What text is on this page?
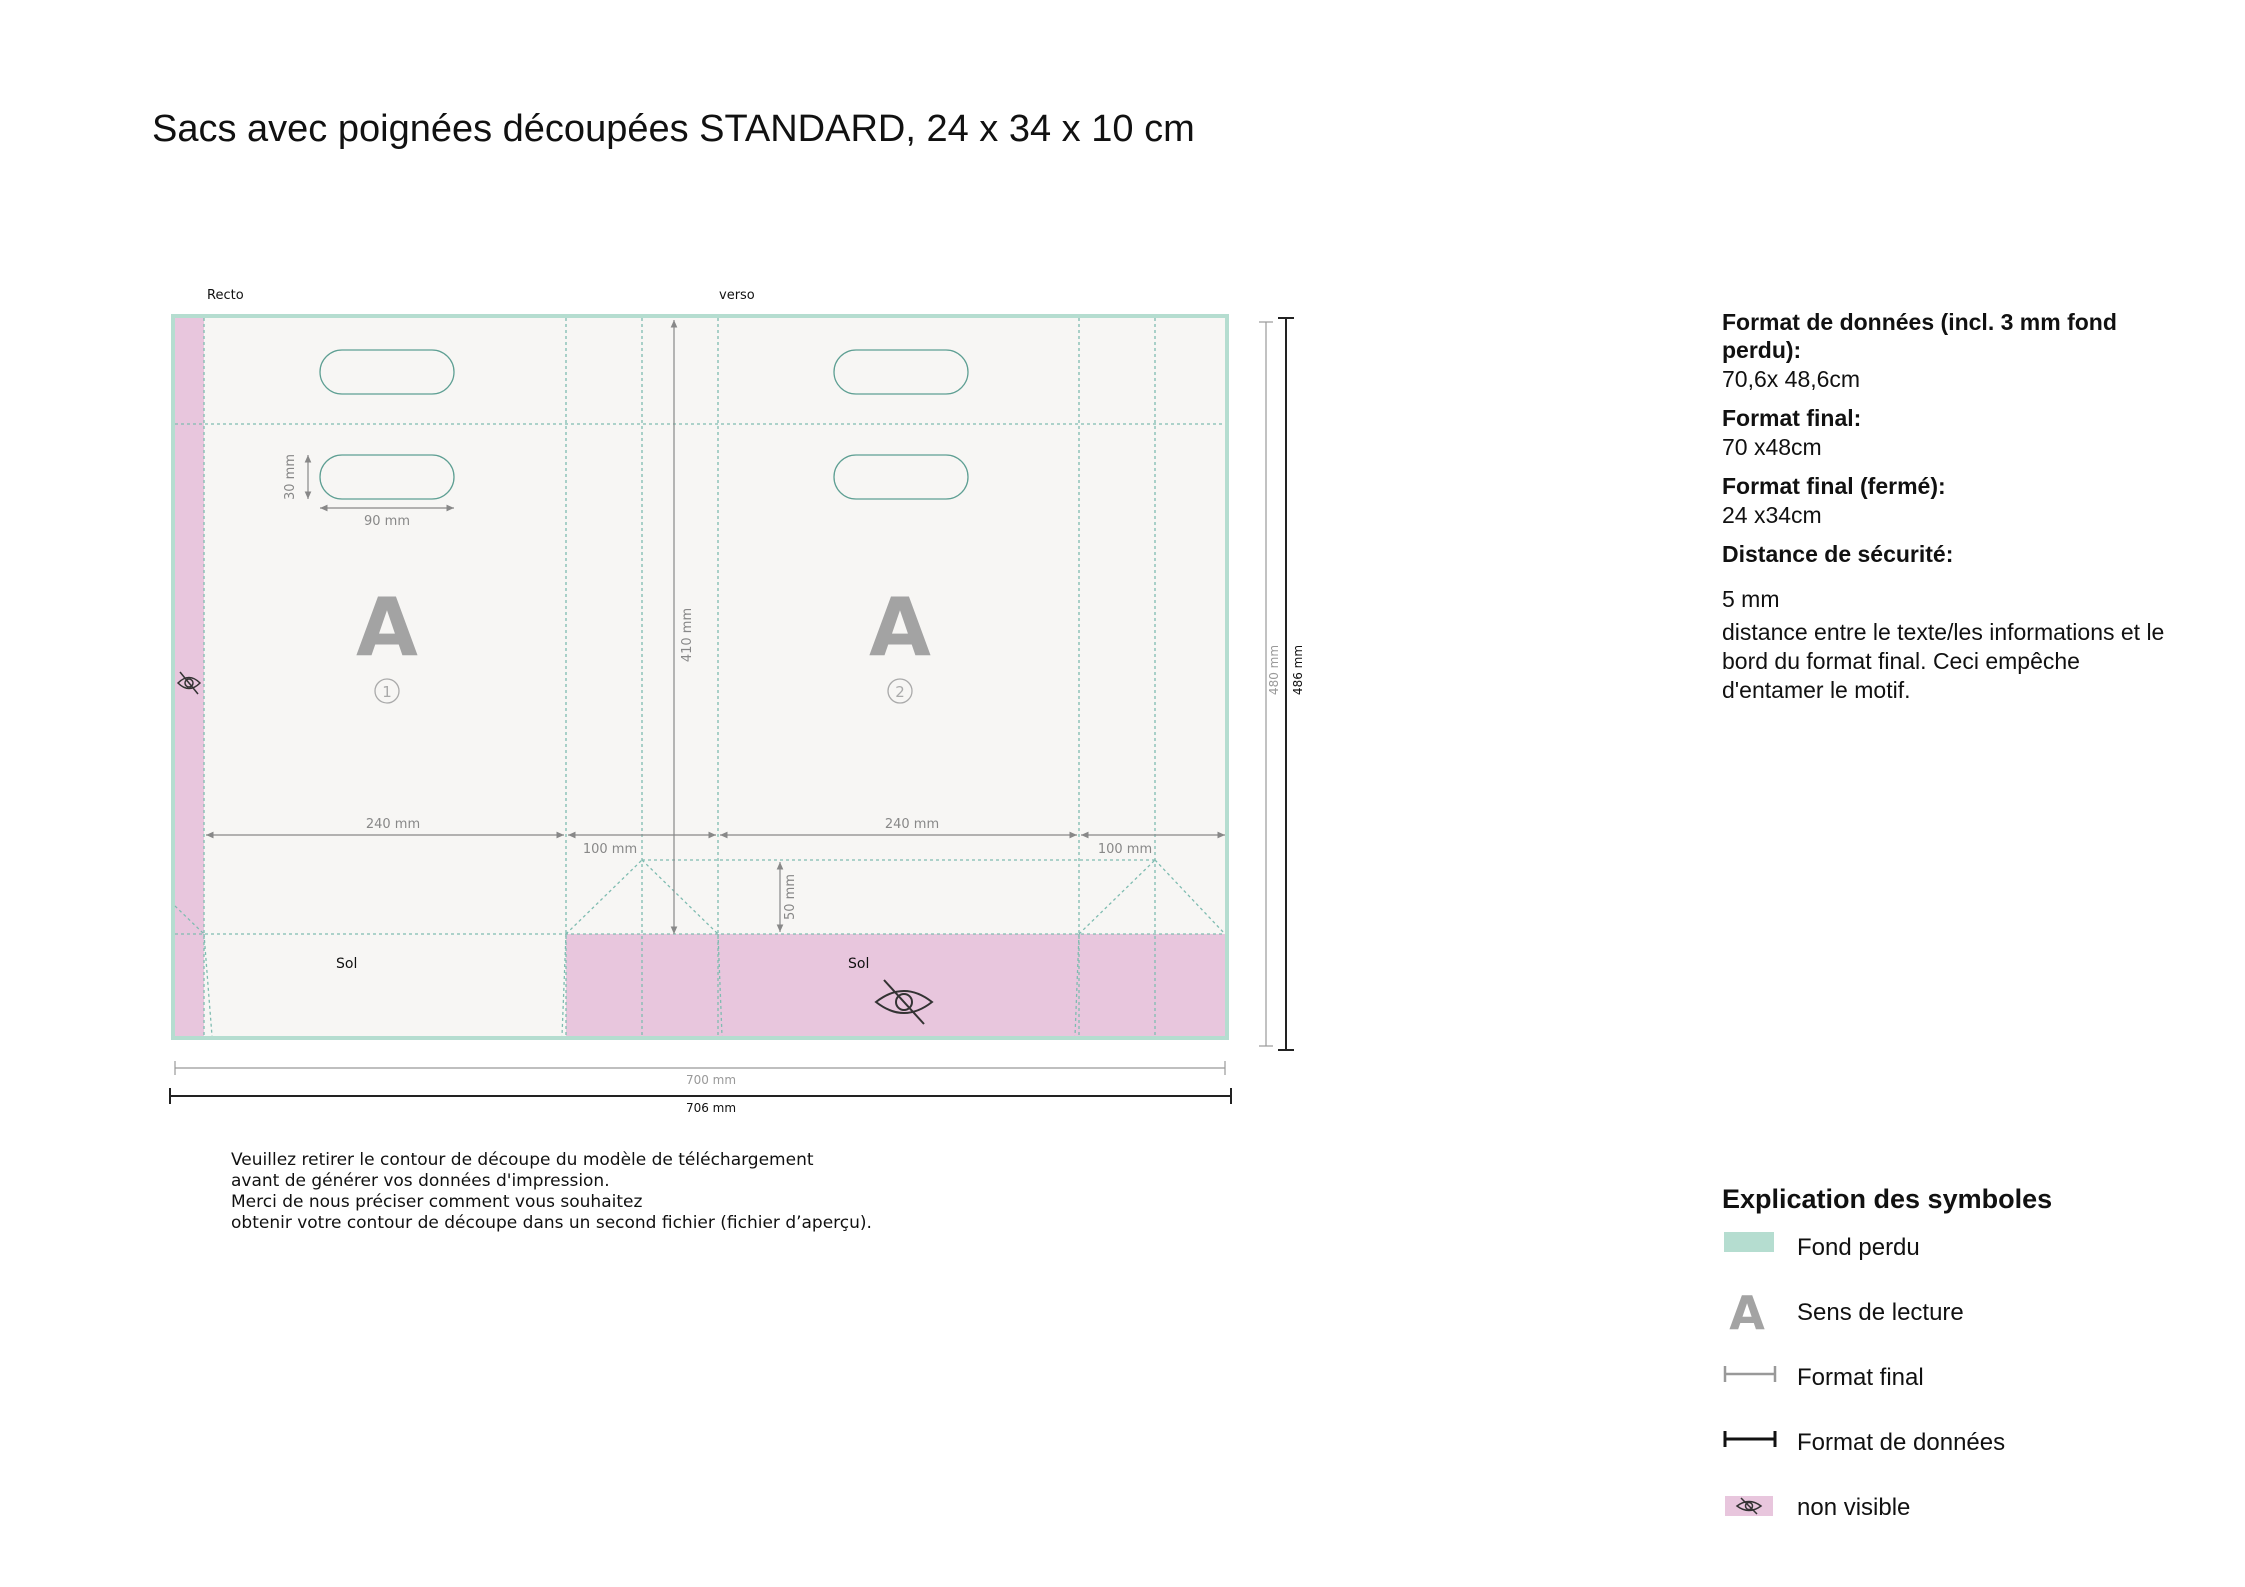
Sacs avec poignées découpées STANDARD, 24 x 34 x 10 cm
Recto	verso
30 mm
90 mm
410 mm
240 mm
100 mm
240 mm
100 mm
50 mm
A	A
1	2
Sol	Sol
700 mm
706 mm
480 mm 486 mm
Format de données (incl. 3 mm fond perdu):
70,6x 48,6cm
Format final:
70 x48cm
Format final (fermé):
24 x34cm
Distance de sécurité:
5 mm
distance entre le texte/les informations et le bord du format final. Ceci empêche d'entamer le motif.
Veuillez retirer le contour de découpe du modèle de téléchargement
avant de générer vos données d'impression.
Merci de nous préciser comment vous souhaitez
obtenir votre contour de découpe dans un second fichier (fichier d’aperçu).
Explication des symboles
Fond perdu
A Sens de lecture
Format final
Format de données
non visible
